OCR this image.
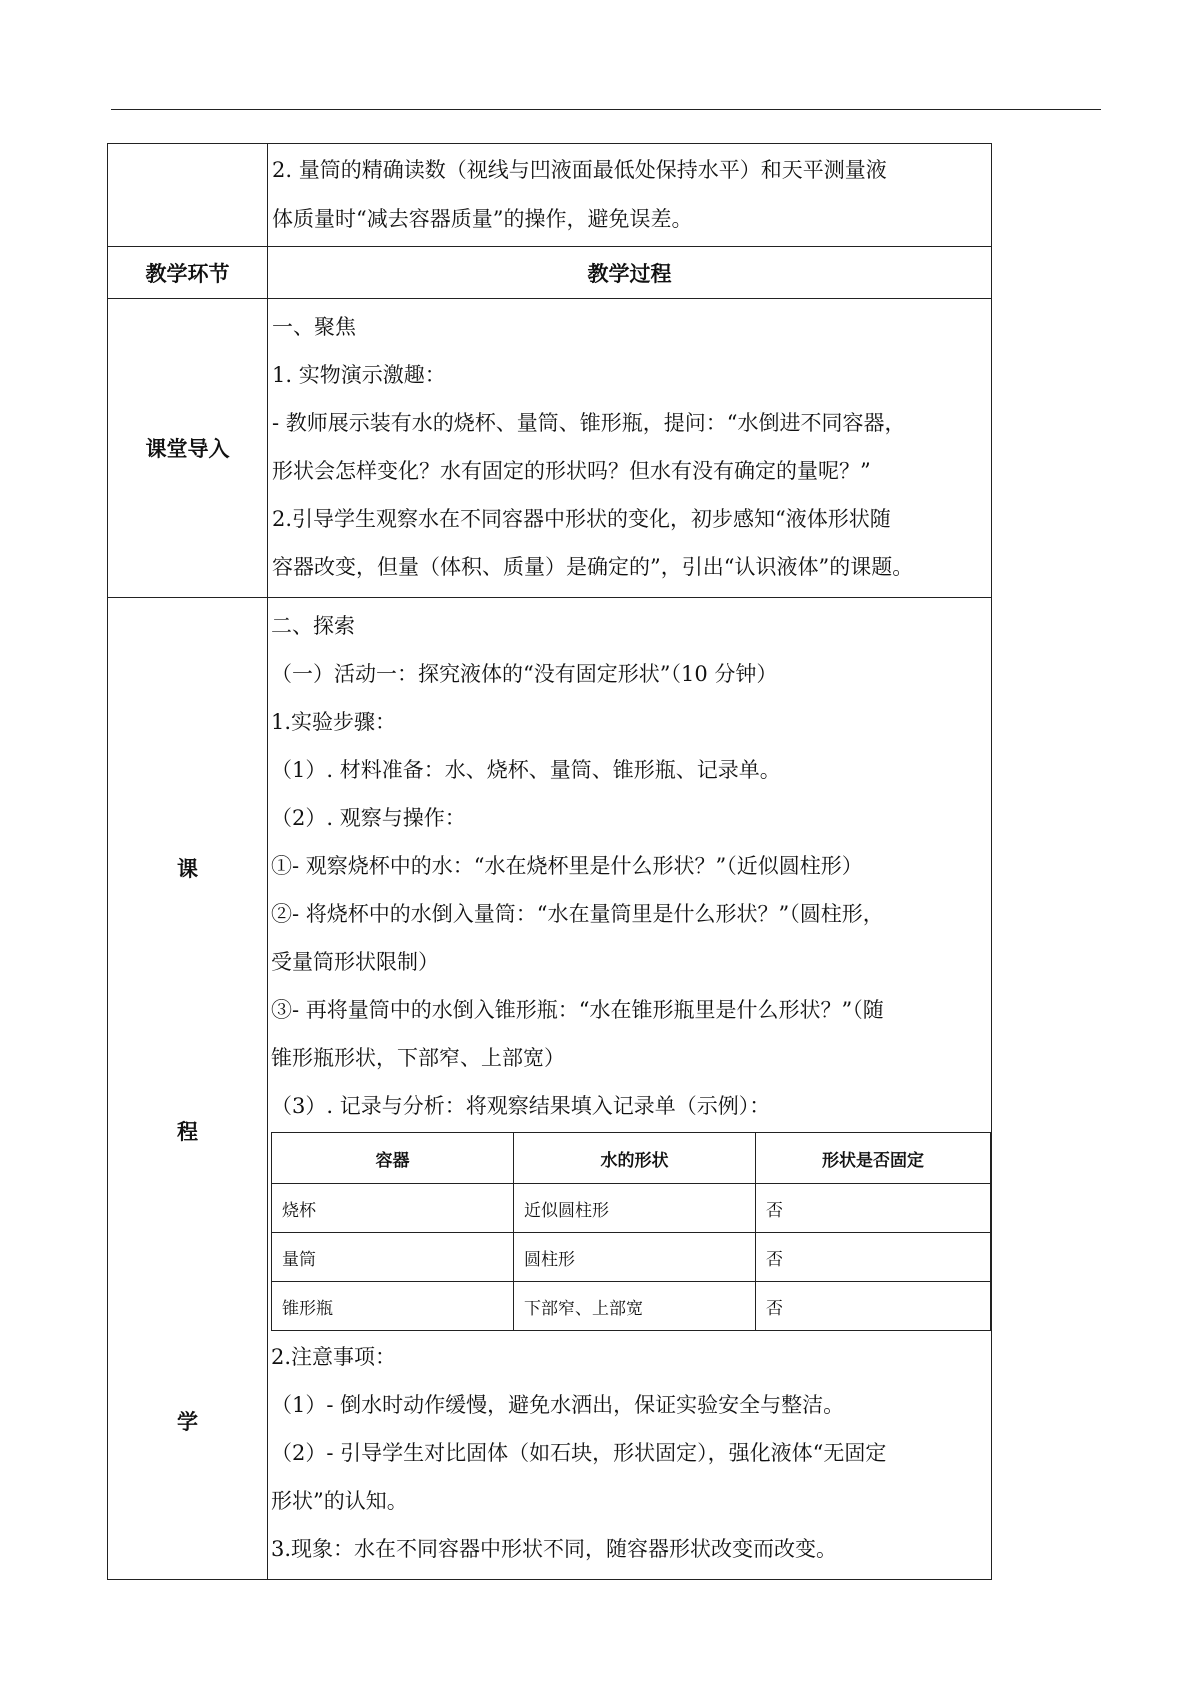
2. 量筒的精确读数（视线与凹液面最低处保持水平）和天平测量液
体质量时“减去容器质量”的操作，避免误差。

教学环节	教学过程
课堂导入	
一、聚焦
1. 实物演示激趣：
- 教师展示装有水的烧杯、量筒、锥形瓶，提问：“水倒进不同容器，
形状会怎样变化？水有固定的形状吗？但水有没有确定的量呢？”
2.引导学生观察水在不同容器中形状的变化，初步感知“液体形状随
容器改变，但量（体积、质量）是确定的”，引出“认识液体”的课题。

课
程
学

二、探索
（一）活动一：探究液体的“没有固定形状”（10 分钟）
1.实验步骤：
（1）. 材料准备：水、烧杯、量筒、锥形瓶、记录单。
（2）. 观察与操作：
①- 观察烧杯中的水：“水在烧杯里是什么形状？”（近似圆柱形）
②- 将烧杯中的水倒入量筒：“水在量筒里是什么形状？”（圆柱形，
受量筒形状限制）
③- 再将量筒中的水倒入锥形瓶：“水在锥形瓶里是什么形状？”（随
锥形瓶形状，下部窄、上部宽）
（3）. 记录与分析：将观察结果填入记录单（示例）：
容器	水的形状	形状是否固定
烧杯	近似圆柱形	否
量筒	圆柱形	否
锥形瓶	下部窄、上部宽	否
2.注意事项：
（1）- 倒水时动作缓慢，避免水洒出，保证实验安全与整洁。
（2）- 引导学生对比固体（如石块，形状固定），强化液体“无固定
形状”的认知。
3.现象：水在不同容器中形状不同，随容器形状改变而改变。
